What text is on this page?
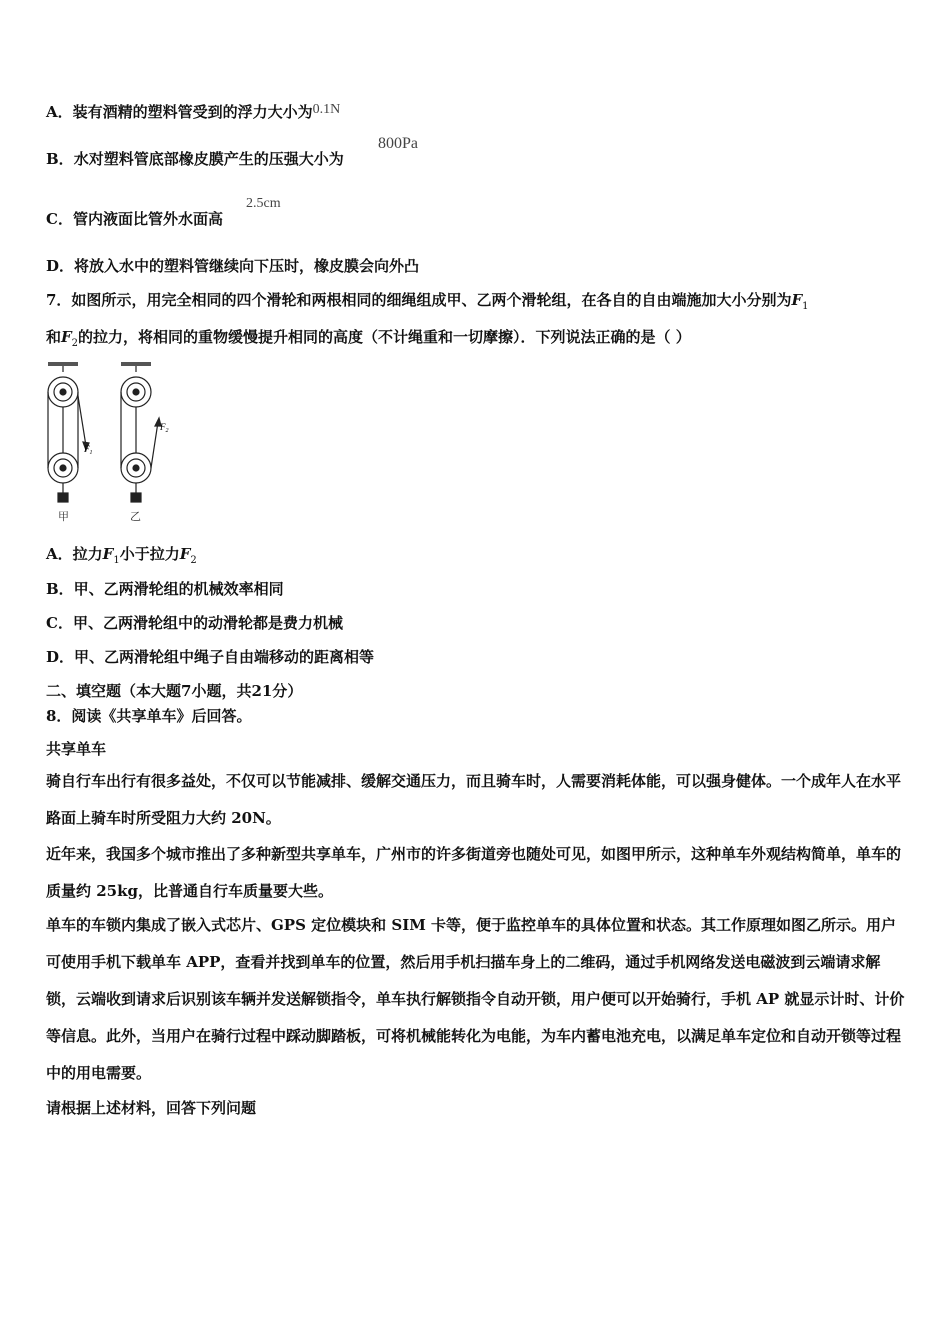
A．装有酒精的塑料管受到的浮力大小为0.1N
B．水对塑料管底部橡皮膜产生的压强大小为
800Pa
C．管内液面比管外水面高
2.5cm
D．将放入水中的塑料管继续向下压时，橡皮膜会向外凸
7．如图所示，用完全相同的四个滑轮和两根相同的细绳组成甲、乙两个滑轮组，在各自的自由端施加大小分别为$F_1$
和$F_2$的拉力，将相同的重物缓慢提升相同的高度（不计绳重和一切摩擦）．下列说法正确的是（ ）
$F_1$
甲
$F_2$
乙
A．拉力$F_1$小于拉力$F_2$
B．甲、乙两滑轮组的机械效率相同
C．甲、乙两滑轮组中的动滑轮都是费力机械
D．甲、乙两滑轮组中绳子自由端移动的距离相等
二、填空题（本大题7小题，共21分）
8．阅读《共享单车》后回答。
共享单车
骑自行车出行有很多益处，不仅可以节能减排、缓解交通压力，而且骑车时，人需要消耗体能，可以强身健体。一个成年人在水平路面上骑车时所受阻力大约 20N。
近年来，我国多个城市推出了多种新型共享单车，广州市的许多街道旁也随处可见，如图甲所示，这种单车外观结构简单，单车的质量约 25kg，比普通自行车质量要大些。
单车的车锁内集成了嵌入式芯片、GPS 定位模块和 SIM 卡等，便于监控单车的具体位置和状态。其工作原理如图乙所示。用户可使用手机下载单车 APP，查看并找到单车的位置，然后用手机扫描车身上的二维码，通过手机网络发送电磁波到云端请求解锁，云端收到请求后识别该车辆并发送解锁指令，单车执行解锁指令自动开锁，用户便可以开始骑行，手机 AP 就显示计时、计价等信息。此外，当用户在骑行过程中踩动脚踏板，可将机械能转化为电能，为车内蓄电池充电，以满足单车定位和自动开锁等过程中的用电需要。
请根据上述材料，回答下列问题
